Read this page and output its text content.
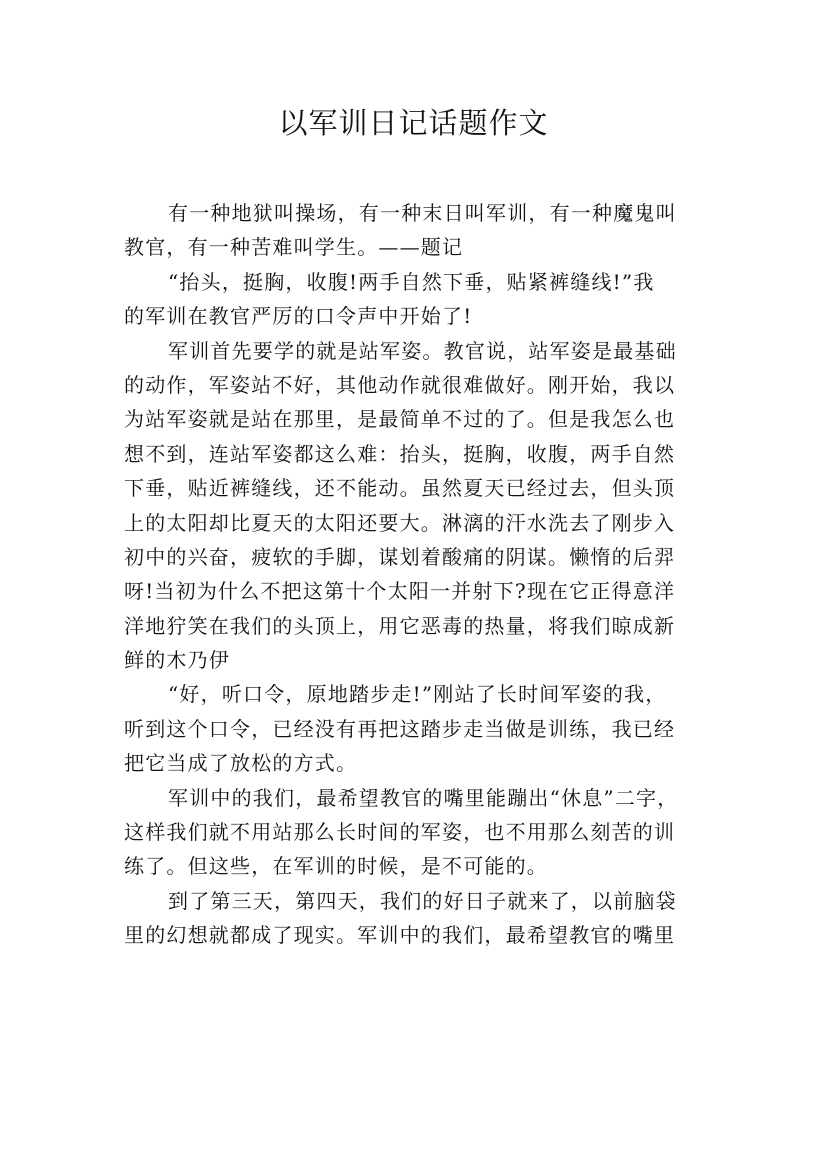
以军训日记话题作文
有一种地狱叫操场，有一种末日叫军训，有一种魔鬼叫
教官，有一种苦难叫学生。——题记
“抬头，挺胸，收腹!两手自然下垂，贴紧裤缝线!”我
的军训在教官严厉的口令声中开始了!
军训首先要学的就是站军姿。教官说，站军姿是最基础
的动作，军姿站不好，其他动作就很难做好。刚开始，我以
为站军姿就是站在那里，是最简单不过的了。但是我怎么也
想不到，连站军姿都这么难：抬头，挺胸，收腹，两手自然
下垂，贴近裤缝线，还不能动。虽然夏天已经过去，但头顶
上的太阳却比夏天的太阳还要大。淋漓的汗水洗去了刚步入
初中的兴奋，疲软的手脚，谋划着酸痛的阴谋。懒惰的后羿
呀!当初为什么不把这第十个太阳一并射下?现在它正得意洋
洋地狞笑在我们的头顶上，用它恶毒的热量，将我们晾成新
鲜的木乃伊
“好，听口令，原地踏步走!”刚站了长时间军姿的我，
听到这个口令，已经没有再把这踏步走当做是训练，我已经
把它当成了放松的方式。
军训中的我们，最希望教官的嘴里能蹦出“休息”二字，
这样我们就不用站那么长时间的军姿，也不用那么刻苦的训
练了。但这些，在军训的时候，是不可能的。
到了第三天，第四天，我们的好日子就来了，以前脑袋
里的幻想就都成了现实。军训中的我们，最希望教官的嘴里
